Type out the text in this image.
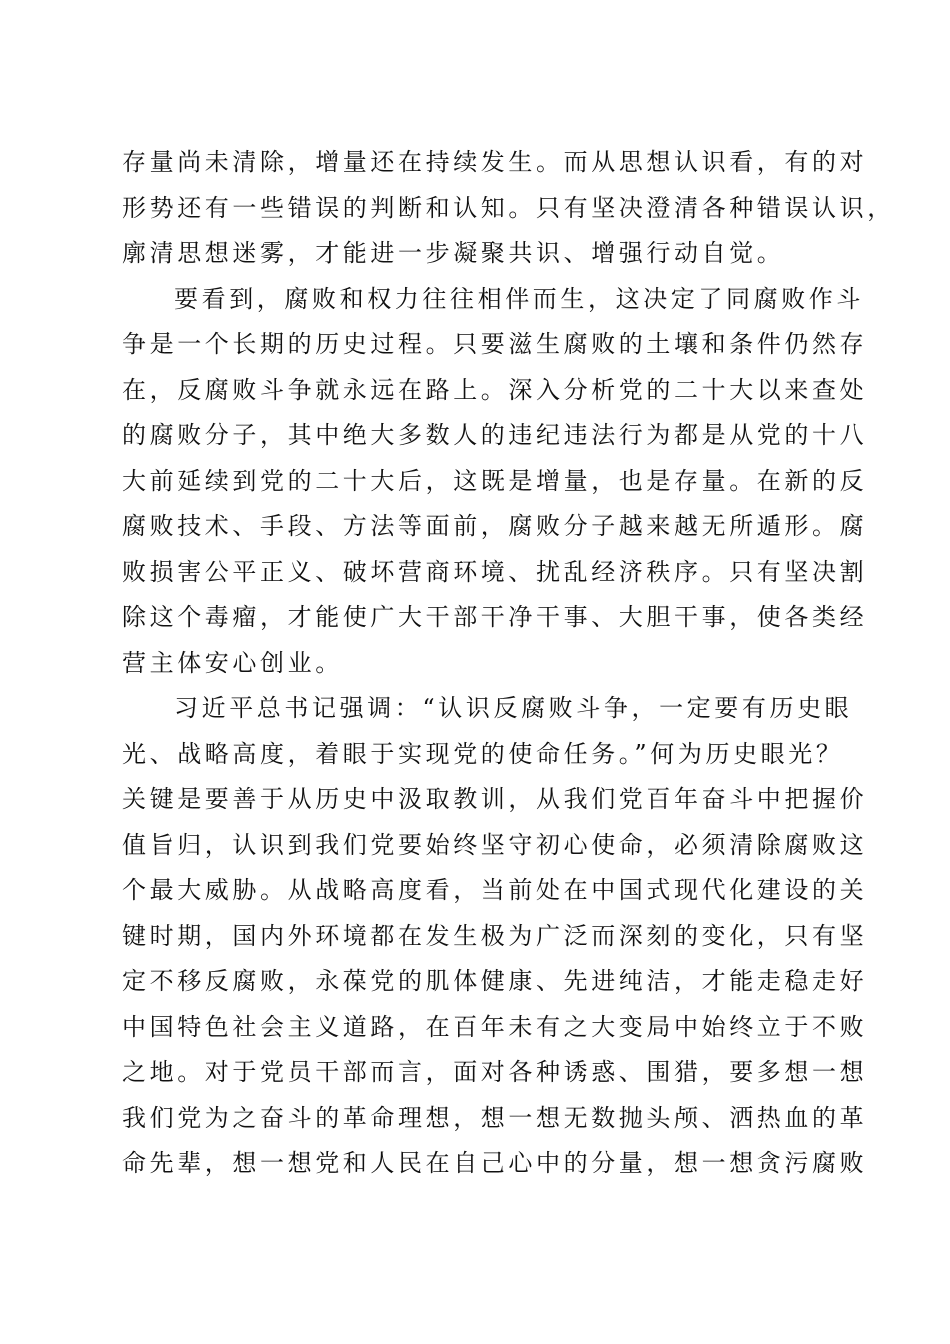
存量尚未清除，增量还在持续发生。而从思想认识看，有的对
形势还有一些错误的判断和认知。只有坚决澄清各种错误认识，
廓清思想迷雾，才能进一步凝聚共识、增强行动自觉。
要看到，腐败和权力往往相伴而生，这决定了同腐败作斗
争是一个长期的历史过程。只要滋生腐败的土壤和条件仍然存
在，反腐败斗争就永远在路上。深入分析党的二十大以来查处
的腐败分子，其中绝大多数人的违纪违法行为都是从党的十八
大前延续到党的二十大后，这既是增量，也是存量。在新的反
腐败技术、手段、方法等面前，腐败分子越来越无所遁形。腐
败损害公平正义、破坏营商环境、扰乱经济秩序。只有坚决割
除这个毒瘤，才能使广大干部干净干事、大胆干事，使各类经
营主体安心创业。
习近平总书记强调：“认识反腐败斗争，一定要有历史眼
光、战略高度，着眼于实现党的使命任务。”何为历史眼光？
关键是要善于从历史中汲取教训，从我们党百年奋斗中把握价
值旨归，认识到我们党要始终坚守初心使命，必须清除腐败这
个最大威胁。从战略高度看，当前处在中国式现代化建设的关
键时期，国内外环境都在发生极为广泛而深刻的变化，只有坚
定不移反腐败，永葆党的肌体健康、先进纯洁，才能走稳走好
中国特色社会主义道路，在百年未有之大变局中始终立于不败
之地。对于党员干部而言，面对各种诱惑、围猎，要多想一想
我们党为之奋斗的革命理想，想一想无数抛头颅、洒热血的革
命先辈，想一想党和人民在自己心中的分量，想一想贪污腐败
